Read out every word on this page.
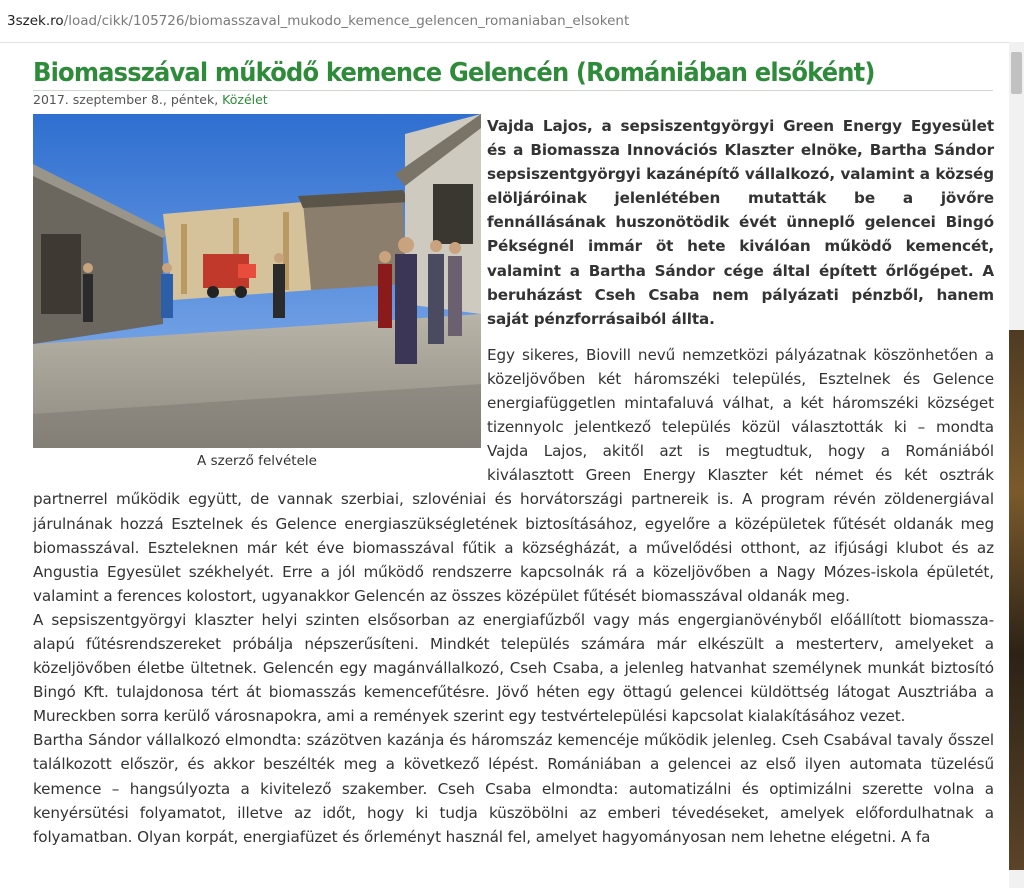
3szek.ro/load/cikk/105726/biomasszaval_mukodo_kemence_gelencen_romaniaban_elsokent
Biomasszával működő kemence Gelencén (Romániában elsőként)
2017. szeptember 8., péntek, Közélet
A szerző felvétele

Vajda Lajos, a sepsiszentgyörgyi Green Energy Egyesület és a Biomassza Innovációs Klaszter elnöke, Bartha Sándor sepsiszentgyörgyi kazánépítő vállalkozó, valamint a község elöljáróinak jelenlétében mutatták be a jövőre fennállásának huszonötödik évét ünneplő gelencei Bingó Pékségnél immár öt hete kiválóan működő kemencét, valamint a Bartha Sándor cége által épített őrlőgépet. A beruházást Cseh Csaba nem pályázati pénzből, hanem saját pénzforrásaiból állta.

Egy sikeres, Biovill nevű nemzetközi pályázatnak köszönhetően a közeljövőben két háromszéki település, Esztelnek és Gelence energiafüggetlen mintafaluvá válhat, a két háromszéki községet tizennyolc jelentkező település közül választották ki – mondta Vajda Lajos, akitől azt is megtudtuk, hogy a Romániából kiválasztott Green Energy Klaszter két német és két osztrák partnerrel működik együtt, de vannak szerbiai, szlovéniai és horvátországi partnereik is. A program révén zöldenergiával járulnának hozzá Esztelnek és Gelence energiaszükségletének biztosításához, egyelőre a középületek fűtését oldanák meg biomasszával. Eszteleknen már két éve biomasszával fűtik a községházát, a művelődési otthont, az ifjúsági klubot és az Angustia Egyesület székhelyét. Erre a jól működő rendszerre kapcsolnák rá a közeljövőben a Nagy Mózes-iskola épületét, valamint a ferences kolostort, ugyanakkor Gelencén az összes középület fűtését biomasszával oldanák meg.

A sepsiszentgyörgyi klaszter helyi szinten elsősorban az energiafűzből vagy más engergianövényből előállított biomassza-alapú fűtésrendszereket próbálja népszerűsíteni. Mindkét település számára már elkészült a mesterterv, amelyeket a közeljövőben életbe ültetnek. Gelencén egy magánvállalkozó, Cseh Csaba, a jelenleg hatvanhat személynek munkát biztosító Bingó Kft. tulajdonosa tért át biomasszás kemencefűtésre. Jövő héten egy öttagú gelencei küldöttség látogat Ausztriába a Mureckben sorra kerülő városnapokra, ami a remények szerint egy testvértelepülési kapcsolat kialakításához vezet.

Bartha Sándor vállalkozó elmondta: százötven kazánja és háromszáz kemencéje működik jelenleg. Cseh Csabával tavaly ősszel találkozott először, és akkor beszélték meg a következő lépést. Romániában a gelencei az első ilyen automata tüzelésű kemence – hangsúlyozta a kivitelező szakember. Cseh Csaba elmondta: automatizálni és optimizálni szerette volna a kenyérsütési folyamatot, illetve az időt, hogy ki tudja küszöbölni az emberi tévedéseket, amelyek előfordulhatnak a folyamatban. Olyan korpát, energiafüzet és őrleményt használ fel, amelyet hagyományosan nem lehetne elégetni. A fa
